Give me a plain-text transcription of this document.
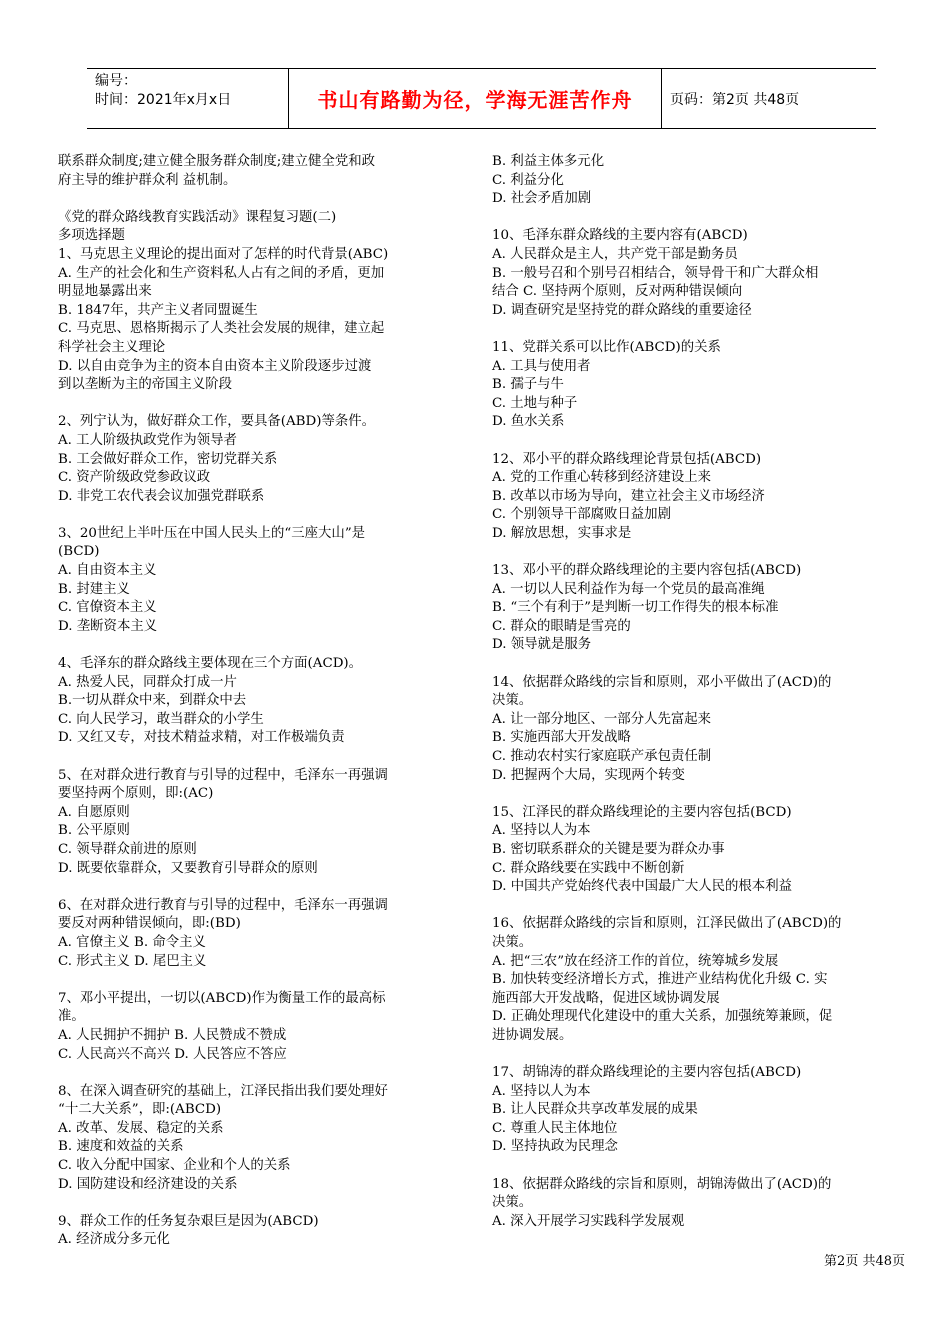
编号：
时间：2021年x月x日	书山有路勤为径，学海无涯苦作舟	页码：第2页 共48页

联系群众制度;建立健全服务群众制度;建立健全党和政

府主导的维护群众利 益机制。

《党的群众路线教育实践活动》课程复习题(二)

多项选择题

1、马克思主义理论的提出面对了怎样的时代背景(ABC)

A. 生产的社会化和生产资料私人占有之间的矛盾，更加

明显地暴露出来

B. 1847年，共产主义者同盟诞生

C. 马克思、恩格斯揭示了人类社会发展的规律，建立起

科学社会主义理论

D. 以自由竞争为主的资本自由资本主义阶段逐步过渡

到以垄断为主的帝国主义阶段

2、列宁认为，做好群众工作，要具备(ABD)等条件。

A. 工人阶级执政党作为领导者

B. 工会做好群众工作，密切党群关系

C. 资产阶级政党参政议政

D. 非党工农代表会议加强党群联系

3、20世纪上半叶压在中国人民头上的“三座大山”是

(BCD)

A. 自由资本主义

B. 封建主义

C. 官僚资本主义

D. 垄断资本主义

4、毛泽东的群众路线主要体现在三个方面(ACD)。

A. 热爱人民，同群众打成一片

B.一切从群众中来，到群众中去

C. 向人民学习，敢当群众的小学生

D. 又红又专，对技术精益求精，对工作极端负责

5、在对群众进行教育与引导的过程中，毛泽东一再强调

要坚持两个原则，即:(AC)

A. 自愿原则

B. 公平原则

C. 领导群众前进的原则

D. 既要依靠群众，又要教育引导群众的原则

6、在对群众进行教育与引导的过程中，毛泽东一再强调

要反对两种错误倾向，即:(BD)

A. 官僚主义 B. 命令主义

C. 形式主义 D. 尾巴主义

7、邓小平提出，一切以(ABCD)作为衡量工作的最高标

准。

A. 人民拥护不拥护 B. 人民赞成不赞成

C. 人民高兴不高兴 D. 人民答应不答应

8、在深入调查研究的基础上，江泽民指出我们要处理好

“十二大关系”，即:(ABCD)

A. 改革、发展、稳定的关系

B. 速度和效益的关系

C. 收入分配中国家、企业和个人的关系

D. 国防建设和经济建设的关系

9、群众工作的任务复杂艰巨是因为(ABCD)

A. 经济成分多元化

B. 利益主体多元化

C. 利益分化

D. 社会矛盾加剧

10、毛泽东群众路线的主要内容有(ABCD)

A. 人民群众是主人，共产党干部是勤务员

B. 一般号召和个别号召相结合，领导骨干和广大群众相

结合 C. 坚持两个原则，反对两种错误倾向

D. 调查研究是坚持党的群众路线的重要途径

11、党群关系可以比作(ABCD)的关系

A. 工具与使用者

B. 孺子与牛

C. 土地与种子

D. 鱼水关系

12、邓小平的群众路线理论背景包括(ABCD)

A. 党的工作重心转移到经济建设上来

B. 改革以市场为导向，建立社会主义市场经济

C. 个别领导干部腐败日益加剧

D. 解放思想，实事求是

13、邓小平的群众路线理论的主要内容包括(ABCD)

A. 一切以人民利益作为每一个党员的最高准绳

B. “三个有利于”是判断一切工作得失的根本标准

C. 群众的眼睛是雪亮的

D. 领导就是服务

14、依据群众路线的宗旨和原则，邓小平做出了(ACD)的

决策。

A. 让一部分地区、一部分人先富起来

B. 实施西部大开发战略

C. 推动农村实行家庭联产承包责任制

D. 把握两个大局，实现两个转变

15、江泽民的群众路线理论的主要内容包括(BCD)

A. 坚持以人为本

B. 密切联系群众的关键是要为群众办事

C. 群众路线要在实践中不断创新

D. 中国共产党始终代表中国最广大人民的根本利益

16、依据群众路线的宗旨和原则，江泽民做出了(ABCD)的

决策。

A. 把“三农”放在经济工作的首位，统筹城乡发展

B. 加快转变经济增长方式，推进产业结构优化升级 C. 实

施西部大开发战略，促进区域协调发展

D. 正确处理现代化建设中的重大关系，加强统筹兼顾，促

进协调发展。

17、胡锦涛的群众路线理论的主要内容包括(ABCD)

A. 坚持以人为本

B. 让人民群众共享改革发展的成果

C. 尊重人民主体地位

D. 坚持执政为民理念

18、依据群众路线的宗旨和原则，胡锦涛做出了(ACD)的

决策。

A. 深入开展学习实践科学发展观

第2页 共48页
